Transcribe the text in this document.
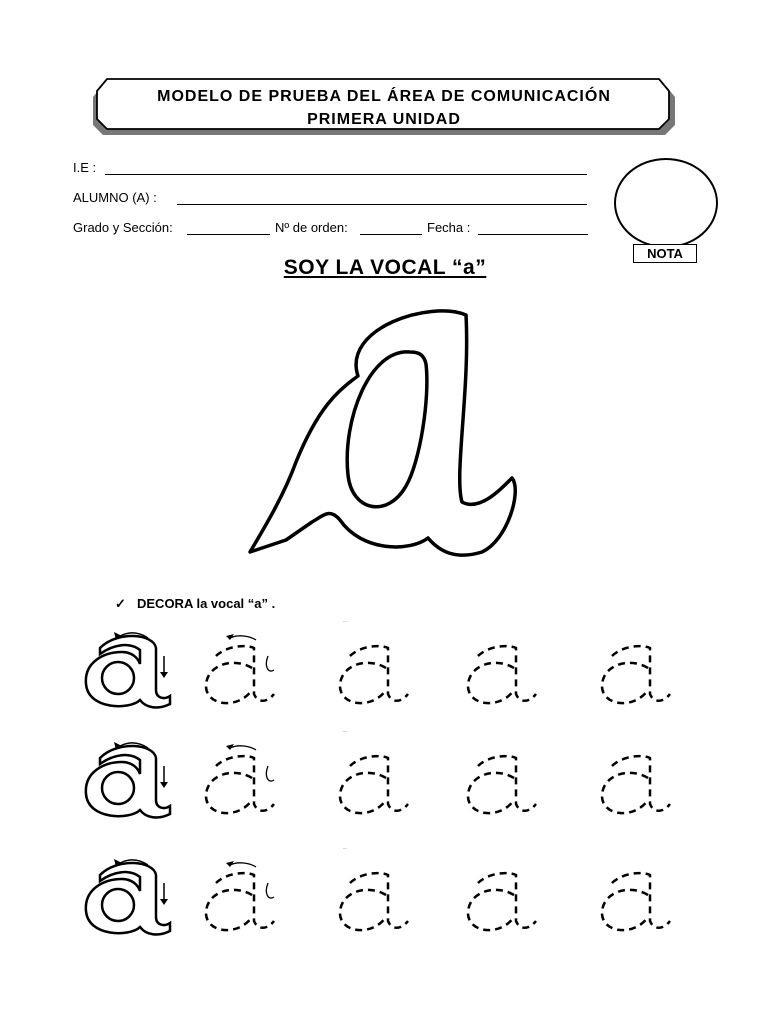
MODELO DE PRUEBA DEL ÁREA DE COMUNICACIÓN
PRIMERA UNIDAD
I.E :
ALUMNO (A) :
Grado y Sección:	Nº de orden:	Fecha :
NOTA
SOY LA VOCAL “a”
✓ DECORA la vocal “a” .
..
..
..
